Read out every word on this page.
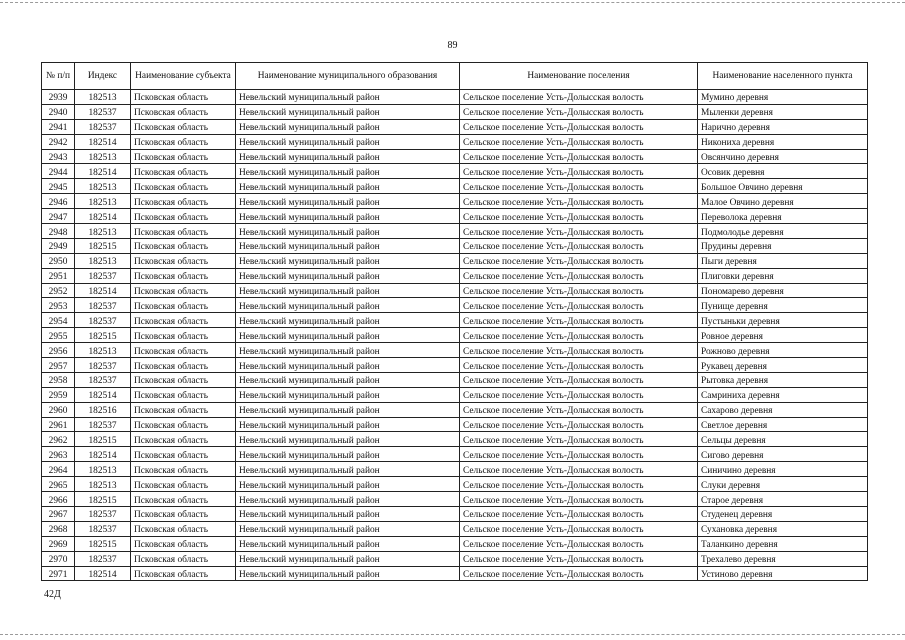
89
№ п/п	Индекс	Наименование субъекта	Наименование муниципального образования	Наименование поселения	Наименование населенного пункта
2939	182513	Псковская область	Невельский муниципальный район	Сельское поселение Усть-Долысская волость	Мумино деревня
2940	182537	Псковская область	Невельский муниципальный район	Сельское поселение Усть-Долысская волость	Мыленки деревня
2941	182537	Псковская область	Невельский муниципальный район	Сельское поселение Усть-Долысская волость	Нарично деревня
2942	182514	Псковская область	Невельский муниципальный район	Сельское поселение Усть-Долысская волость	Никониха деревня
2943	182513	Псковская область	Невельский муниципальный район	Сельское поселение Усть-Долысская волость	Овсянчино деревня
2944	182514	Псковская область	Невельский муниципальный район	Сельское поселение Усть-Долысская волость	Осовик деревня
2945	182513	Псковская область	Невельский муниципальный район	Сельское поселение Усть-Долысская волость	Большое Овчино деревня
2946	182513	Псковская область	Невельский муниципальный район	Сельское поселение Усть-Долысская волость	Малое Овчино деревня
2947	182514	Псковская область	Невельский муниципальный район	Сельское поселение Усть-Долысская волость	Переволока деревня
2948	182513	Псковская область	Невельский муниципальный район	Сельское поселение Усть-Долысская волость	Подмолодье деревня
2949	182515	Псковская область	Невельский муниципальный район	Сельское поселение Усть-Долысская волость	Прудины деревня
2950	182513	Псковская область	Невельский муниципальный район	Сельское поселение Усть-Долысская волость	Пыги деревня
2951	182537	Псковская область	Невельский муниципальный район	Сельское поселение Усть-Долысская волость	Плиговки деревня
2952	182514	Псковская область	Невельский муниципальный район	Сельское поселение Усть-Долысская волость	Пономарево деревня
2953	182537	Псковская область	Невельский муниципальный район	Сельское поселение Усть-Долысская волость	Пунище деревня
2954	182537	Псковская область	Невельский муниципальный район	Сельское поселение Усть-Долысская волость	Пустыньки деревня
2955	182515	Псковская область	Невельский муниципальный район	Сельское поселение Усть-Долысская волость	Ровное деревня
2956	182513	Псковская область	Невельский муниципальный район	Сельское поселение Усть-Долысская волость	Рожново деревня
2957	182537	Псковская область	Невельский муниципальный район	Сельское поселение Усть-Долысская волость	Рукавец деревня
2958	182537	Псковская область	Невельский муниципальный район	Сельское поселение Усть-Долысская волость	Рытовка деревня
2959	182514	Псковская область	Невельский муниципальный район	Сельское поселение Усть-Долысская волость	Самриниха деревня
2960	182516	Псковская область	Невельский муниципальный район	Сельское поселение Усть-Долысская волость	Сахарово деревня
2961	182537	Псковская область	Невельский муниципальный район	Сельское поселение Усть-Долысская волость	Светлое деревня
2962	182515	Псковская область	Невельский муниципальный район	Сельское поселение Усть-Долысская волость	Сельцы деревня
2963	182514	Псковская область	Невельский муниципальный район	Сельское поселение Усть-Долысская волость	Сигово деревня
2964	182513	Псковская область	Невельский муниципальный район	Сельское поселение Усть-Долысская волость	Синичино деревня
2965	182513	Псковская область	Невельский муниципальный район	Сельское поселение Усть-Долысская волость	Слуки деревня
2966	182515	Псковская область	Невельский муниципальный район	Сельское поселение Усть-Долысская волость	Старое деревня
2967	182537	Псковская область	Невельский муниципальный район	Сельское поселение Усть-Долысская волость	Студенец деревня
2968	182537	Псковская область	Невельский муниципальный район	Сельское поселение Усть-Долысская волость	Сухановка деревня
2969	182515	Псковская область	Невельский муниципальный район	Сельское поселение Усть-Долысская волость	Таланкино деревня
2970	182537	Псковская область	Невельский муниципальный район	Сельское поселение Усть-Долысская волость	Трехалево деревня
2971	182514	Псковская область	Невельский муниципальный район	Сельское поселение Усть-Долысская волость	Устиново деревня
42Д
